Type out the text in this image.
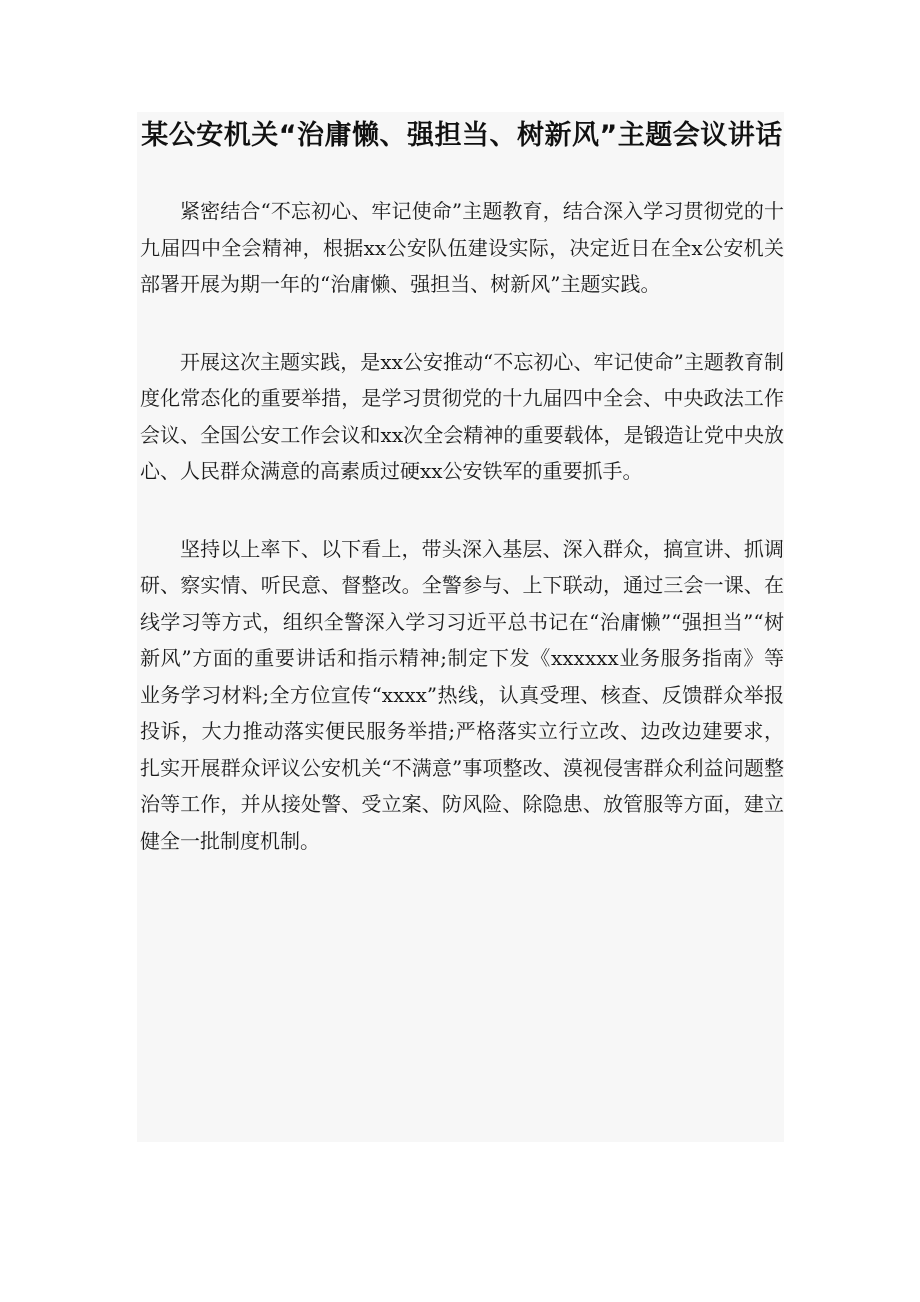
某公安机关“治庸懒、强担当、树新风”主题会议讲话

紧密结合“不忘初心、牢记使命”主题教育，结合深入学习贯彻党的十九届四中全会精神，根据xx公安队伍建设实际，决定近日在全x公安机关部署开展为期一年的“治庸懒、强担当、树新风”主题实践。

开展这次主题实践，是xx公安推动“不忘初心、牢记使命”主题教育制度化常态化的重要举措，是学习贯彻党的十九届四中全会、中央政法工作会议、全国公安工作会议和xx次全会精神的重要载体，是锻造让党中央放心、人民群众满意的高素质过硬xx公安铁军的重要抓手。

坚持以上率下、以下看上，带头深入基层、深入群众，搞宣讲、抓调研、察实情、听民意、督整改。全警参与、上下联动，通过三会一课、在线学习等方式，组织全警深入学习习近平总书记在“治庸懒”“强担当”“树新风”方面的重要讲话和指示精神;制定下发《xxxxxx业务服务指南》等业务学习材料;全方位宣传“xxxx”热线，认真受理、核查、反馈群众举报投诉，大力推动落实便民服务举措;严格落实立行立改、边改边建要求，扎实开展群众评议公安机关“不满意”事项整改、漠视侵害群众利益问题整治等工作，并从接处警、受立案、防风险、除隐患、放管服等方面，建立健全一批制度机制。
